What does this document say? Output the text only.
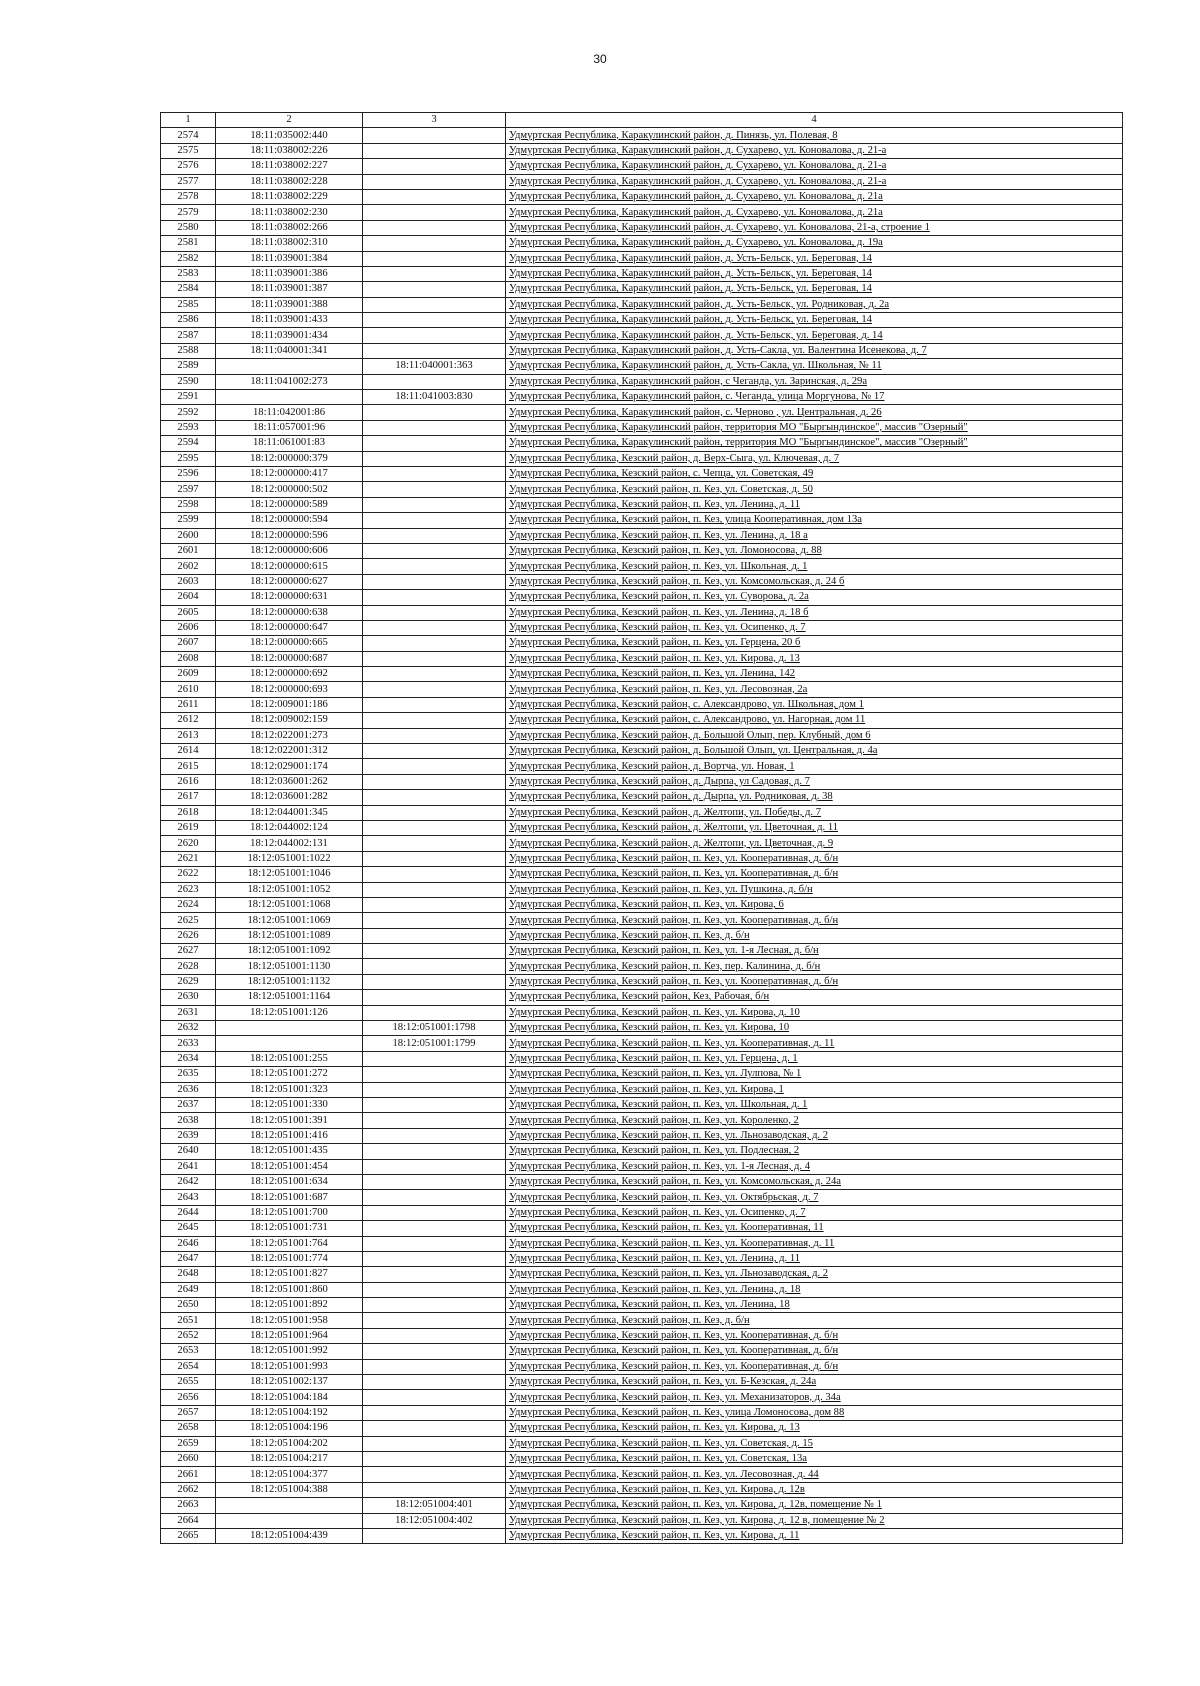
30
1	2	3	4
2574	18:11:035002:440		Удмуртская Республика, Каракулинский район, д. Пинязь, ул. Полевая, 8
2575	18:11:038002:226		Удмуртская Республика, Каракулинский район, д. Сухарево, ул. Коновалова, д. 21-а
2576	18:11:038002:227		Удмуртская Республика, Каракулинский район, д. Сухарево, ул. Коновалова, д. 21-а
2577	18:11:038002:228		Удмуртская Республика, Каракулинский район, д. Сухарево, ул. Коновалова, д. 21-а
2578	18:11:038002:229		Удмуртская Республика, Каракулинский район, д. Сухарево, ул. Коновалова, д. 21а
2579	18:11:038002:230		Удмуртская Республика, Каракулинский район, д. Сухарево, ул. Коновалова, д. 21а
2580	18:11:038002:266		Удмуртская Республика, Каракулинский район, д. Сухарево, ул. Коновалова, 21-а, строение 1
2581	18:11:038002:310		Удмуртская Республика, Каракулинский район, д. Сухарево, ул. Коновалова, д. 19а
2582	18:11:039001:384		Удмуртская Республика, Каракулинский район, д. Усть-Бельск, ул. Береговая, 14
2583	18:11:039001:386		Удмуртская Республика, Каракулинский район, д. Усть-Бельск, ул. Береговая, 14
2584	18:11:039001:387		Удмуртская Республика, Каракулинский район, д. Усть-Бельск, ул. Береговая, 14
2585	18:11:039001:388		Удмуртская Республика, Каракулинский район, д. Усть-Бельск, ул. Родниковая, д. 2а
2586	18:11:039001:433		Удмуртская Республика, Каракулинский район, д. Усть-Бельск, ул. Береговая, 14
2587	18:11:039001:434		Удмуртская Республика, Каракулинский район, д. Усть-Бельск, ул. Береговая, д. 14
2588	18:11:040001:341		Удмуртская Республика, Каракулинский район, д. Усть-Сакла, ул. Валентина Исенекова, д. 7
2589		18:11:040001:363	Удмуртская Республика, Каракулинский район, д. Усть-Сакла, ул. Школьная, № 11
2590	18:11:041002:273		Удмуртская Республика, Каракулинский район, с Чеганда, ул. Заринская, д. 29а
2591		18:11:041003:830	Удмуртская Республика, Каракулинский район, с. Чеганда, улица Моргунова, № 17
2592	18:11:042001:86		Удмуртская Республика, Каракулинский район, с. Черново , ул. Центральная, д. 26
2593	18:11:057001:96		Удмуртская Республика, Каракулинский район, территория МО "Быргындинское", массив "Озерный"
2594	18:11:061001:83		Удмуртская Республика, Каракулинский район, территория МО "Быргындинское", массив "Озерный"
2595	18:12:000000:379		Удмуртская Республика, Кезский район, д. Верх-Сыга, ул. Ключевая, д. 7
2596	18:12:000000:417		Удмуртская Республика, Кезский район, с. Чепца, ул. Советская, 49
2597	18:12:000000:502		Удмуртская Республика, Кезский район, п. Кез, ул. Советская, д. 50
2598	18:12:000000:589		Удмуртская Республика, Кезский район, п. Кез, ул. Ленина, д. 11
2599	18:12:000000:594		Удмуртская Республика, Кезский район, п. Кез, улица Кооперативная, дом 13а
2600	18:12:000000:596		Удмуртская Республика, Кезский район, п. Кез, ул. Ленина, д. 18 а
2601	18:12:000000:606		Удмуртская Республика, Кезский район, п. Кез, ул. Ломоносова, д. 88
2602	18:12:000000:615		Удмуртская Республика, Кезский район, п. Кез, ул. Школьная, д. 1
2603	18:12:000000:627		Удмуртская Республика, Кезский район, п. Кез, ул. Комсомольская, д. 24 б
2604	18:12:000000:631		Удмуртская Республика, Кезский район, п. Кез, ул. Суворова, д. 2а
2605	18:12:000000:638		Удмуртская Республика, Кезский район, п. Кез, ул. Ленина, д. 18 б
2606	18:12:000000:647		Удмуртская Республика, Кезский район, п. Кез, ул. Осипенко, д. 7
2607	18:12:000000:665		Удмуртская Республика, Кезский район, п. Кез, ул. Герцена, 20 б
2608	18:12:000000:687		Удмуртская Республика, Кезский район, п. Кез, ул. Кирова, д. 13
2609	18:12:000000:692		Удмуртская Республика, Кезский район, п. Кез, ул. Ленина, 142
2610	18:12:000000:693		Удмуртская Республика, Кезский район, п. Кез, ул. Лесовозная, 2а
2611	18:12:009001:186		Удмуртская Республика, Кезский район, с. Александрово, ул. Школьная, дом 1
2612	18:12:009002:159		Удмуртская Республика, Кезский район, с. Александрово, ул. Нагорная, дом 11
2613	18:12:022001:273		Удмуртская Республика, Кезский район, д. Большой Олып, пер. Клубный, дом 6
2614	18:12:022001:312		Удмуртская Республика, Кезский район, д. Большой Олып, ул. Центральная, д. 4а
2615	18:12:029001:174		Удмуртская Республика, Кезский район, д. Вортча, ул. Новая, 1
2616	18:12:036001:262		Удмуртская Республика, Кезский район, д. Дырпа, ул Садовая, д. 7
2617	18:12:036001:282		Удмуртская Республика, Кезский район, д. Дырпа, ул. Родниковая, д. 38
2618	18:12:044001:345		Удмуртская Республика, Кезский район, д. Желтопи, ул. Победы, д. 7
2619	18:12:044002:124		Удмуртская Республика, Кезский район, д. Желтопи, ул. Цветочная, д. 11
2620	18:12:044002:131		Удмуртская Республика, Кезский район, д. Желтопи, ул. Цветочная, д. 9
2621	18:12:051001:1022		Удмуртская Республика, Кезский район, п. Кез, ул. Кооперативная, д. б/н
2622	18:12:051001:1046		Удмуртская Республика, Кезский район, п. Кез, ул. Кооперативная, д. б/н
2623	18:12:051001:1052		Удмуртская Республика, Кезский район, п. Кез, ул. Пушкина, д. б/н
2624	18:12:051001:1068		Удмуртская Республика, Кезский район, п. Кез, ул. Кирова, 6
2625	18:12:051001:1069		Удмуртская Республика, Кезский район, п. Кез, ул. Кооперативная, д. б/н
2626	18:12:051001:1089		Удмуртская Республика, Кезский район, п. Кез, д. б/н
2627	18:12:051001:1092		Удмуртская Республика, Кезский район, п. Кез, ул. 1-я Лесная, д. б/н
2628	18:12:051001:1130		Удмуртская Республика, Кезский район, п. Кез, пер. Калинина, д. б/н
2629	18:12:051001:1132		Удмуртская Республика, Кезский район, п. Кез, ул. Кооперативная, д. б/н
2630	18:12:051001:1164		Удмуртская Республика, Кезский район, Кез, Рабочая, б/н
2631	18:12:051001:126		Удмуртская Республика, Кезский район, п. Кез, ул. Кирова, д. 10
2632		18:12:051001:1798	Удмуртская Республика, Кезский район, п. Кез, ул. Кирова, 10
2633		18:12:051001:1799	Удмуртская Республика, Кезский район, п. Кез, ул. Кооперативная, д. 11
2634	18:12:051001:255		Удмуртская Республика, Кезский район, п. Кез, ул. Герцена, д. 1
2635	18:12:051001:272		Удмуртская Республика, Кезский район, п. Кез, ул. Лулпова, № 1
2636	18:12:051001:323		Удмуртская Республика, Кезский район, п. Кез, ул. Кирова, 1
2637	18:12:051001:330		Удмуртская Республика, Кезский район, п. Кез, ул. Школьная, д. 1
2638	18:12:051001:391		Удмуртская Республика, Кезский район, п. Кез, ул. Короленко, 2
2639	18:12:051001:416		Удмуртская Республика, Кезский район, п. Кез, ул. Льнозаводская, д. 2
2640	18:12:051001:435		Удмуртская Республика, Кезский район, п. Кез, ул. Подлесная, 2
2641	18:12:051001:454		Удмуртская Республика, Кезский район, п. Кез, ул. 1-я Лесная, д. 4
2642	18:12:051001:634		Удмуртская Республика, Кезский район, п. Кез, ул. Комсомольская, д. 24а
2643	18:12:051001:687		Удмуртская Республика, Кезский район, п. Кез, ул. Октябрьская, д. 7
2644	18:12:051001:700		Удмуртская Республика, Кезский район, п. Кез, ул. Осипенко, д. 7
2645	18:12:051001:731		Удмуртская Республика, Кезский район, п. Кез, ул. Кооперативная, 11
2646	18:12:051001:764		Удмуртская Республика, Кезский район, п. Кез, ул. Кооперативная, д. 11
2647	18:12:051001:774		Удмуртская Республика, Кезский район, п. Кез, ул. Ленина, д. 11
2648	18:12:051001:827		Удмуртская Республика, Кезский район, п. Кез, ул. Льнозаводская, д. 2
2649	18:12:051001:860		Удмуртская Республика, Кезский район, п. Кез, ул. Ленина, д. 18
2650	18:12:051001:892		Удмуртская Республика, Кезский район, п. Кез, ул. Ленина, 18
2651	18:12:051001:958		Удмуртская Республика, Кезский район, п. Кез, д. б/н
2652	18:12:051001:964		Удмуртская Республика, Кезский район, п. Кез, ул. Кооперативная, д. б/н
2653	18:12:051001:992		Удмуртская Республика, Кезский район, п. Кез, ул. Кооперативная, д. б/н
2654	18:12:051001:993		Удмуртская Республика, Кезский район, п. Кез, ул. Кооперативная, д. б/н
2655	18:12:051002:137		Удмуртская Республика, Кезский район, п. Кез, ул. Б-Кезская, д. 24а
2656	18:12:051004:184		Удмуртская Республика, Кезский район, п. Кез, ул. Механизаторов, д. 34а
2657	18:12:051004:192		Удмуртская Республика, Кезский район, п. Кез, улица Ломоносова, дом 88
2658	18:12:051004:196		Удмуртская Республика, Кезский район, п. Кез, ул. Кирова, д. 13
2659	18:12:051004:202		Удмуртская Республика, Кезский район, п. Кез, ул. Советская, д. 15
2660	18:12:051004:217		Удмуртская Республика, Кезский район, п. Кез, ул. Советская, 13а
2661	18:12:051004:377		Удмуртская Республика, Кезский район, п. Кез, ул. Лесовозная, д. 44
2662	18:12:051004:388		Удмуртская Республика, Кезский район, п. Кез, ул. Кирова, д. 12в
2663		18:12:051004:401	Удмуртская Республика, Кезский район, п. Кез, ул. Кирова, д. 12в, помещение № 1
2664		18:12:051004:402	Удмуртская Республика, Кезский район, п. Кез, ул. Кирова, д. 12 в, помещение № 2
2665	18:12:051004:439		Удмуртская Республика, Кезский район, п. Кез, ул. Кирова, д. 11
